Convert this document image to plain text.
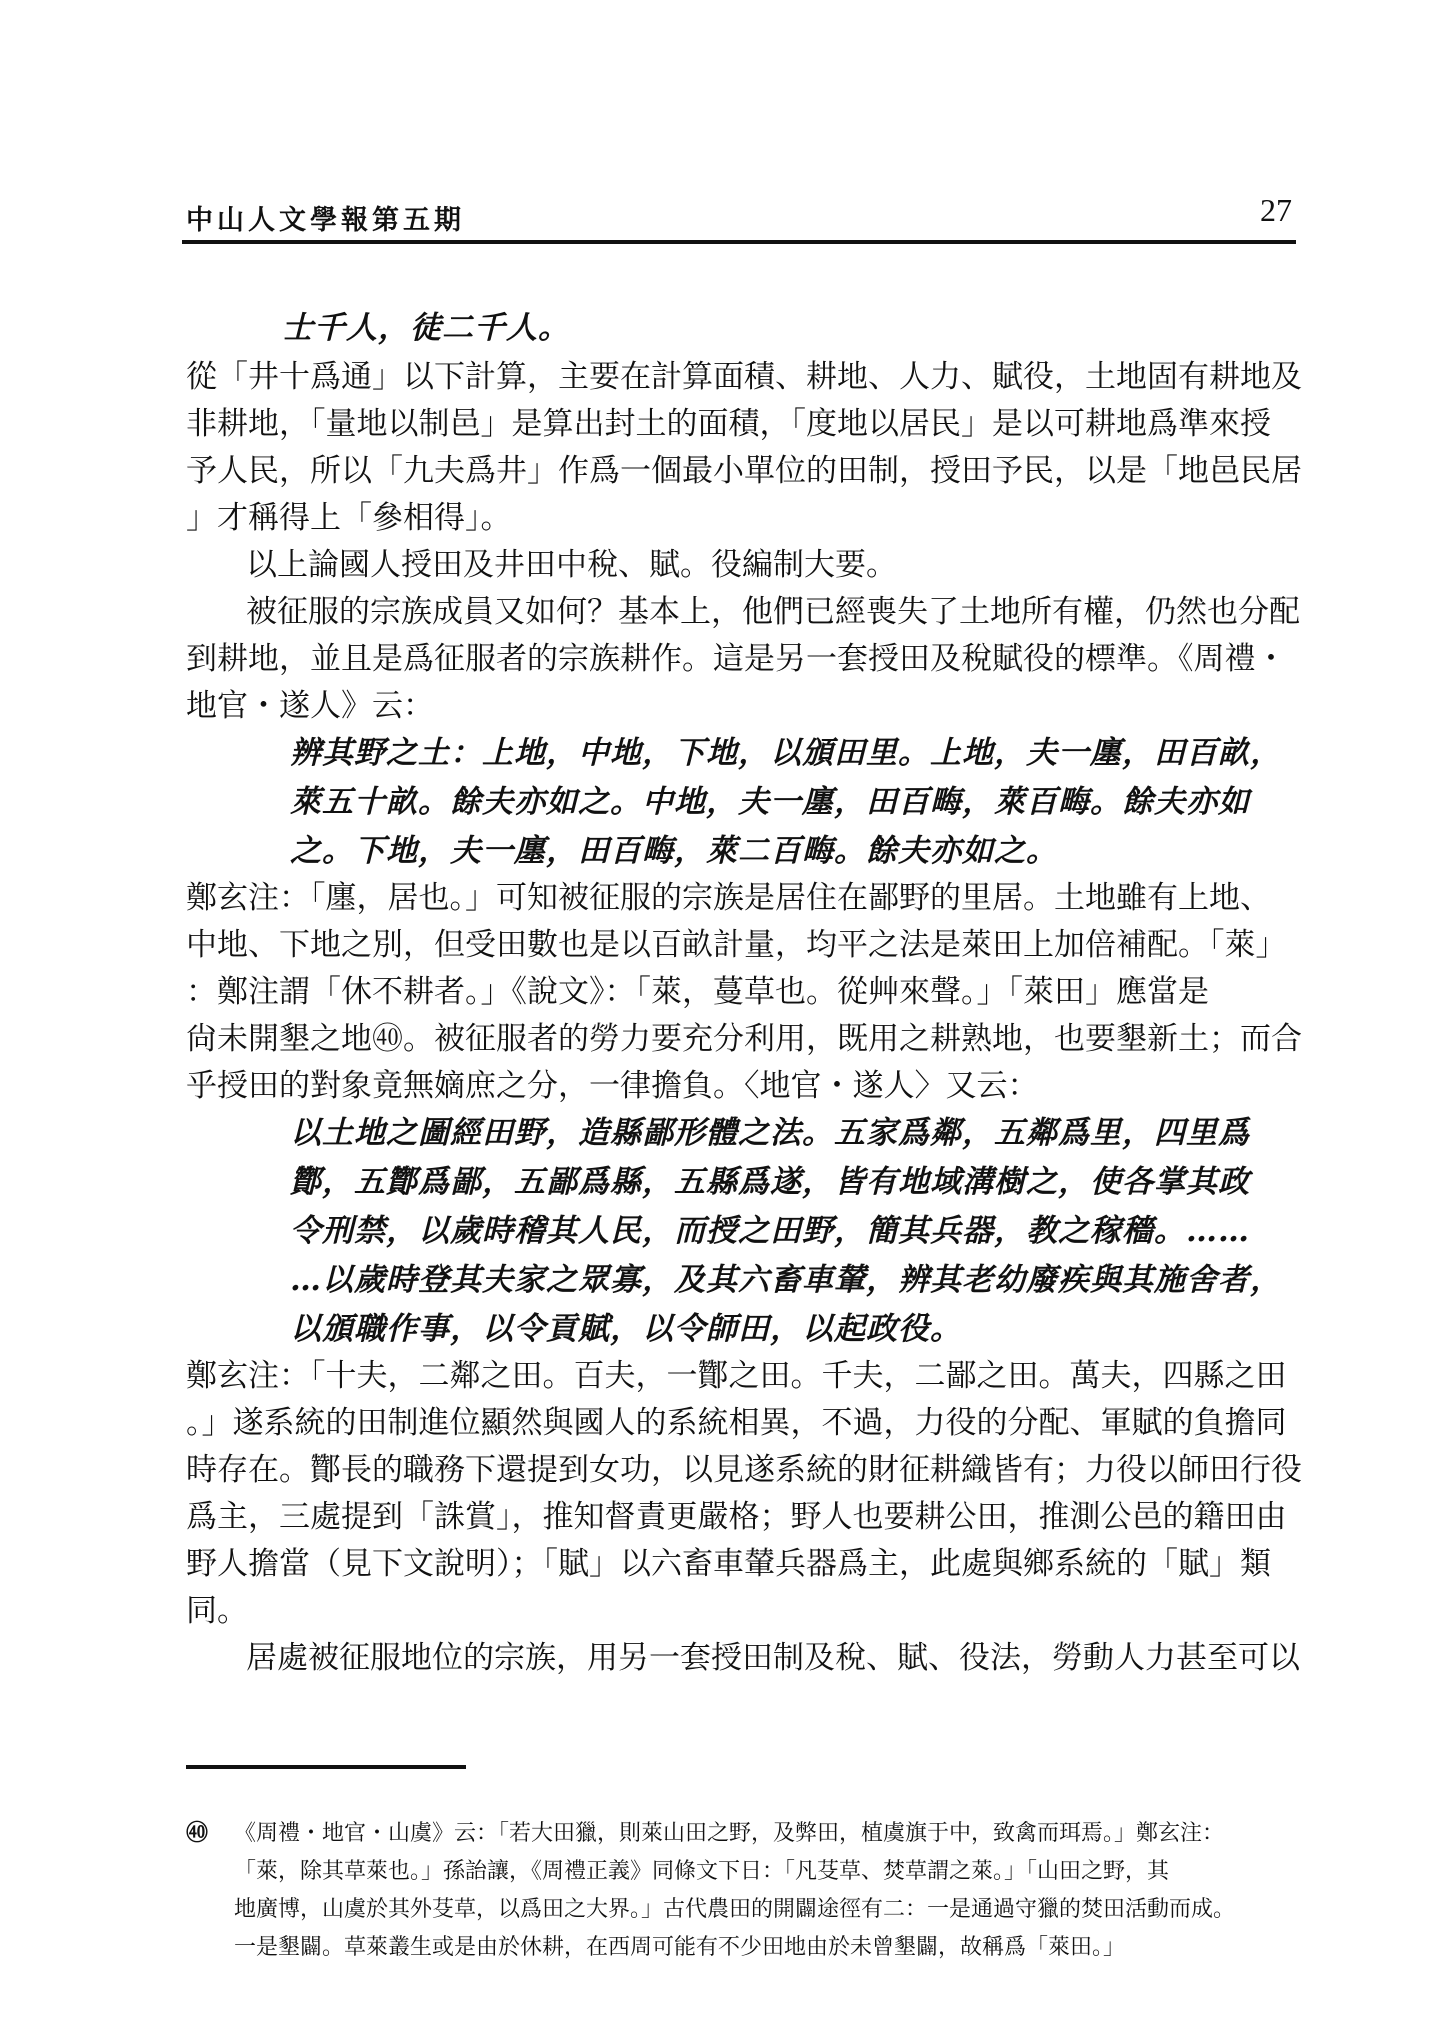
中山人文學報第五期	27
士千人，徒二千人。
從「井十爲通」以下計算，主要在計算面積、耕地、人力、賦役，土地固有耕地及
非耕地，「量地以制邑」是算出封土的面積，「度地以居民」是以可耕地爲準來授
予人民，所以「九夫爲井」作爲一個最小單位的田制，授田予民，以是「地邑民居
」才稱得上「參相得」。
以上論國人授田及井田中稅、賦。役編制大要。
被征服的宗族成員又如何？基本上，他們已經喪失了土地所有權，仍然也分配
到耕地，並且是爲征服者的宗族耕作。這是另一套授田及稅賦役的標準。《周禮・
地官・遂人》云：
辨其野之土：上地，中地，下地，以頒田里。上地，夫一廛，田百畝，
萊五十畝。餘夫亦如之。中地，夫一廛，田百畮，萊百畮。餘夫亦如
之。下地，夫一廛，田百畮，萊二百畮。餘夫亦如之。
鄭玄注：「廛，居也。」可知被征服的宗族是居住在鄙野的里居。土地雖有上地、
中地、下地之別，但受田數也是以百畝計量，均平之法是萊田上加倍補配。「萊」
：鄭注謂「休不耕者。」《說文》：「萊，蔓草也。從艸來聲。」「萊田」應當是
尙未開墾之地㊵。被征服者的勞力要充分利用，既用之耕熟地，也要墾新土；而合
乎授田的對象竟無嫡庶之分，一律擔負。〈地官・遂人〉又云：
以土地之圖經田野，造縣鄙形體之法。五家爲鄰，五鄰爲里，四里爲
酇，五酇爲鄙，五鄙爲縣，五縣爲遂，皆有地域溝樹之，使各掌其政
令刑禁，以歲時稽其人民，而授之田野，簡其兵器，教之稼穡。……
…以歲時登其夫家之眾寡，及其六畜車輦，辨其老幼廢疾與其施舍者，
以頒職作事，以令貢賦，以令師田，以起政役。
鄭玄注：「十夫，二鄰之田。百夫，一酇之田。千夫，二鄙之田。萬夫，四縣之田
。」遂系統的田制進位顯然與國人的系統相異，不過，力役的分配、軍賦的負擔同
時存在。酇長的職務下還提到女功，以見遂系統的財征耕織皆有；力役以師田行役
爲主，三處提到「誅賞」，推知督責更嚴格；野人也要耕公田，推測公邑的籍田由
野人擔當（見下文說明）；「賦」以六畜車輦兵器爲主，此處與鄉系統的「賦」類
同。
居處被征服地位的宗族，用另一套授田制及稅、賦、役法，勞動人力甚至可以
㊵ 《周禮・地官・山虞》云：「若大田獵，則萊山田之野，及弊田，植虞旗于中，致禽而珥焉。」鄭玄注：
「萊，除其草萊也。」孫詒讓，《周禮正義》同條文下日：「凡芟草、焚草謂之萊。」「山田之野，其
地廣博，山虞於其外芟草，以爲田之大界。」古代農田的開闢途徑有二：一是通過守獵的焚田活動而成。
一是墾闢。草萊叢生或是由於休耕，在西周可能有不少田地由於未曾墾闢，故稱爲「萊田。」
